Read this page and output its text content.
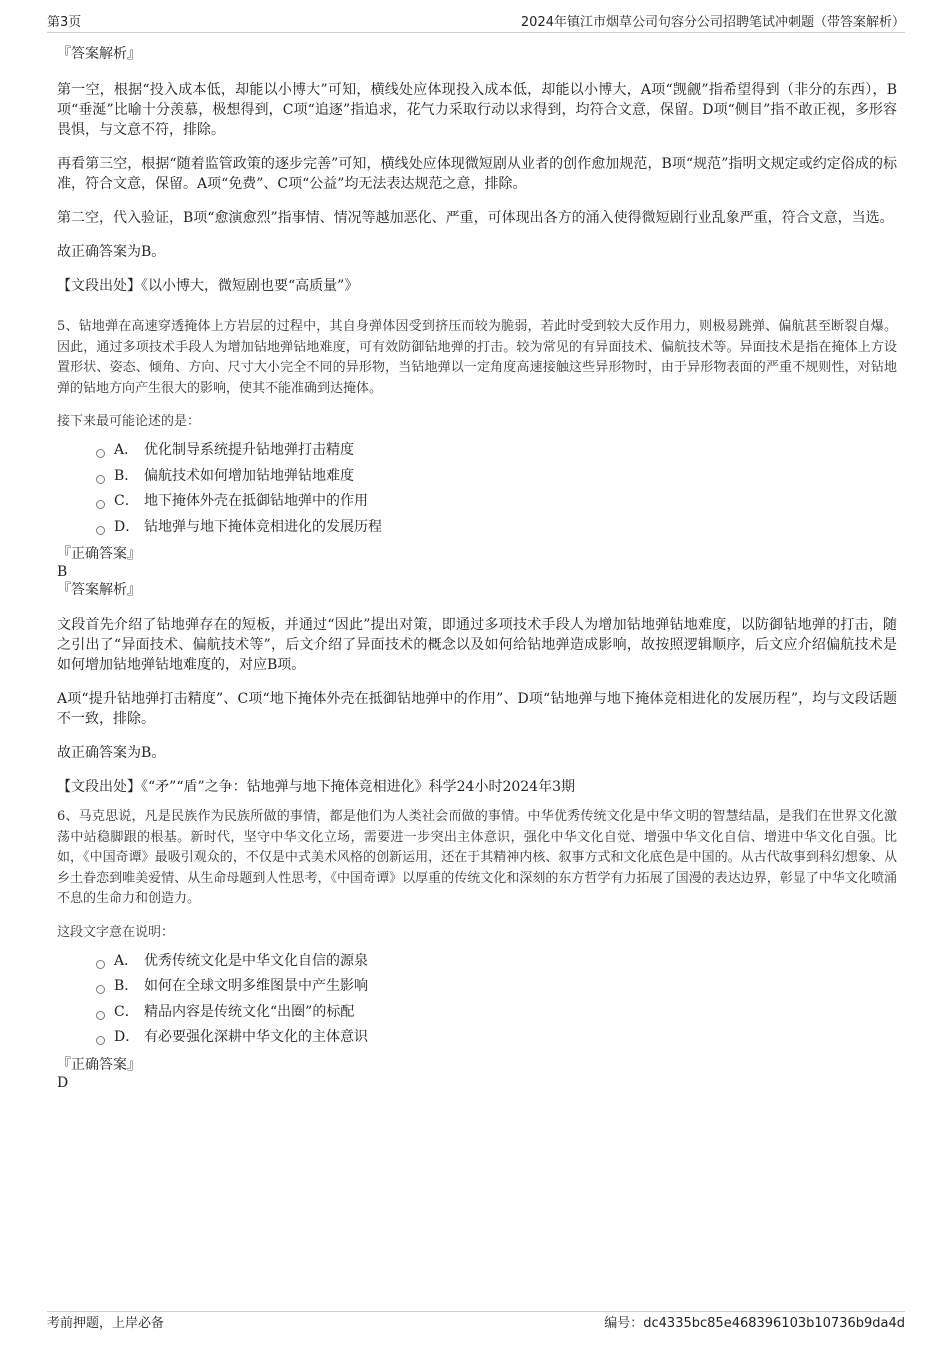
第3页	2024年镇江市烟草公司句容分公司招聘笔试冲刺题（带答案解析）

『答案解析』

第一空，根据“投入成本低，却能以小博大”可知，横线处应体现投入成本低，却能以小博大，A项“觊觎”指希望得到（非分的东西），B项“垂涎”比喻十分羡慕，极想得到，C项“追逐”指追求，花气力采取行动以求得到，均符合文意，保留。D项“侧目”指不敢正视，多形容畏惧，与文意不符，排除。

再看第三空，根据“随着监管政策的逐步完善”可知，横线处应体现微短剧从业者的创作愈加规范，B项“规范”指明文规定或约定俗成的标准，符合文意，保留。A项“免费”、C项“公益”均无法表达规范之意，排除。

第二空，代入验证，B项“愈演愈烈”指事情、情况等越加恶化、严重，可体现出各方的涌入使得微短剧行业乱象严重，符合文意，当选。

故正确答案为B。

【文段出处】《以小博大，微短剧也要“高质量”》

5、钻地弹在高速穿透掩体上方岩层的过程中，其自身弹体因受到挤压而较为脆弱，若此时受到较大反作用力，则极易跳弹、偏航甚至断裂自爆。因此，通过多项技术手段人为增加钻地弹钻地难度，可有效防御钻地弹的打击。较为常见的有异面技术、偏航技术等。异面技术是指在掩体上方设置形状、姿态、倾角、方向、尺寸大小完全不同的异形物，当钻地弹以一定角度高速接触这些异形物时，由于异形物表面的严重不规则性，对钻地弹的钻地方向产生很大的影响，使其不能准确到达掩体。

接下来最可能论述的是：

A． 优化制导系统提升钻地弹打击精度
B． 偏航技术如何增加钻地弹钻地难度
C． 地下掩体外壳在抵御钻地弹中的作用
D． 钻地弹与地下掩体竞相进化的发展历程

『正确答案』

B

『答案解析』

文段首先介绍了钻地弹存在的短板，并通过“因此”提出对策，即通过多项技术手段人为增加钻地弹钻地难度，以防御钻地弹的打击，随之引出了“异面技术、偏航技术等”，后文介绍了异面技术的概念以及如何给钻地弹造成影响，故按照逻辑顺序，后文应介绍偏航技术是如何增加钻地弹钻地难度的，对应B项。

A项“提升钻地弹打击精度”、C项“地下掩体外壳在抵御钻地弹中的作用”、D项“钻地弹与地下掩体竞相进化的发展历程”，均与文段话题不一致，排除。

故正确答案为B。

【文段出处】《“矛”“盾”之争：钻地弹与地下掩体竞相进化》科学24小时2024年3期

6、马克思说，凡是民族作为民族所做的事情，都是他们为人类社会而做的事情。中华优秀传统文化是中华文明的智慧结晶，是我们在世界文化激荡中站稳脚跟的根基。新时代，坚守中华文化立场，需要进一步突出主体意识，强化中华文化自觉、增强中华文化自信、增进中华文化自强。比如，《中国奇谭》最吸引观众的，不仅是中式美术风格的创新运用，还在于其精神内核、叙事方式和文化底色是中国的。从古代故事到科幻想象、从乡土眷恋到唯美爱情、从生命母题到人性思考，《中国奇谭》以厚重的传统文化和深刻的东方哲学有力拓展了国漫的表达边界，彰显了中华文化喷涌不息的生命力和创造力。

这段文字意在说明：

A． 优秀传统文化是中华文化自信的源泉
B． 如何在全球文明多维图景中产生影响
C． 精品内容是传统文化“出圈”的标配
D． 有必要强化深耕中华文化的主体意识

『正确答案』

D

考前押题，上岸必备	编号：dc4335bc85e468396103b10736b9da4d
